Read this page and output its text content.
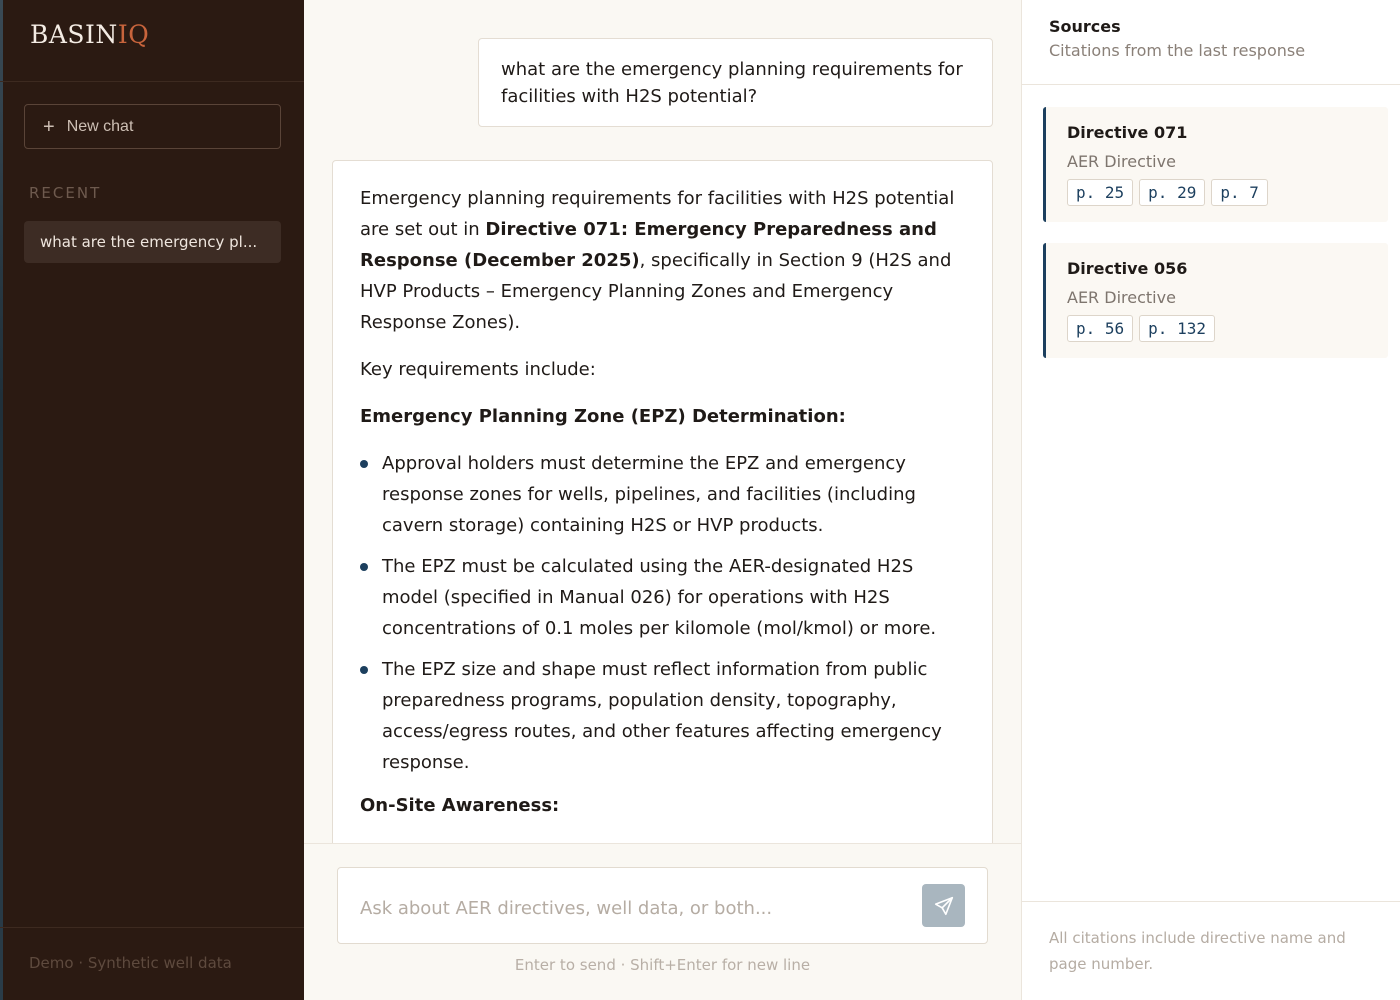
BASINIQ
+ New chat
RECENT
what are the emergency pl...
Demo · Synthetic well data
what are the emergency planning requirements for facilities with H2S potential?

Emergency planning requirements for facilities with H2S potential are set out in Directive 071: Emergency Preparedness and Response (December 2025), specifically in Section 9 (H2S and HVP Products – Emergency Planning Zones and Emergency Response Zones).

Key requirements include:

Emergency Planning Zone (EPZ) Determination:

Approval holders must determine the EPZ and emergency response zones for wells, pipelines, and facilities (including cavern storage) containing H2S or HVP products.
The EPZ must be calculated using the AER-designated H2S model (specified in Manual 026) for operations with H2S concentrations of 0.1 moles per kilomole (mol/kmol) or more.
The EPZ size and shape must reflect information from public preparedness programs, population density, topography, access/egress routes, and other features affecting emergency response.

On-Site Awareness:

Ask about AER directives, well data, or both...
Enter to send · Shift+Enter for new line
Sources
Citations from the last response
Directive 071
AER Directive
p. 25	p. 29	p. 7
Directive 056
AER Directive
p. 56	p. 132
All citations include directive name and page number.
